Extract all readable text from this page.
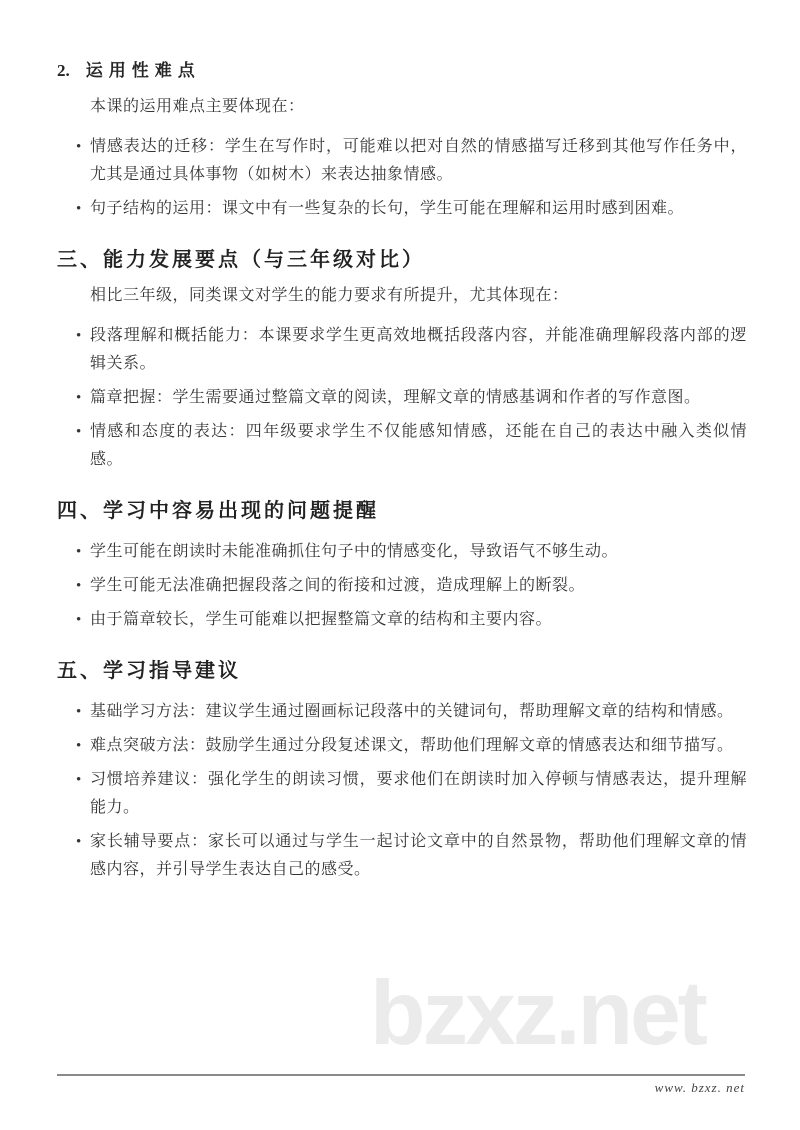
2. 运用性难点

本课的运用难点主要体现在：

• 情感表达的迁移：学生在写作时，可能难以把对自然的情感描写迁移到其他写作任务中，尤其是通过具体事物（如树木）来表达抽象情感。
• 句子结构的运用：课文中有一些复杂的长句，学生可能在理解和运用时感到困难。
三、能力发展要点（与三年级对比）

相比三年级，同类课文对学生的能力要求有所提升，尤其体现在：

• 段落理解和概括能力：本课要求学生更高效地概括段落内容，并能准确理解段落内部的逻辑关系。
• 篇章把握：学生需要通过整篇文章的阅读，理解文章的情感基调和作者的写作意图。
• 情感和态度的表达：四年级要求学生不仅能感知情感，还能在自己的表达中融入类似情感。
四、学习中容易出现的问题提醒
• 学生可能在朗读时未能准确抓住句子中的情感变化，导致语气不够生动。
• 学生可能无法准确把握段落之间的衔接和过渡，造成理解上的断裂。
• 由于篇章较长，学生可能难以把握整篇文章的结构和主要内容。
五、学习指导建议
• 基础学习方法：建议学生通过圈画标记段落中的关键词句，帮助理解文章的结构和情感。
• 难点突破方法：鼓励学生通过分段复述课文，帮助他们理解文章的情感表达和细节描写。
• 习惯培养建议：强化学生的朗读习惯，要求他们在朗读时加入停顿与情感表达，提升理解能力。
• 家长辅导要点：家长可以通过与学生一起讨论文章中的自然景物，帮助他们理解文章的情感内容，并引导学生表达自己的感受。
bzxz.net
www. bzxz. net
